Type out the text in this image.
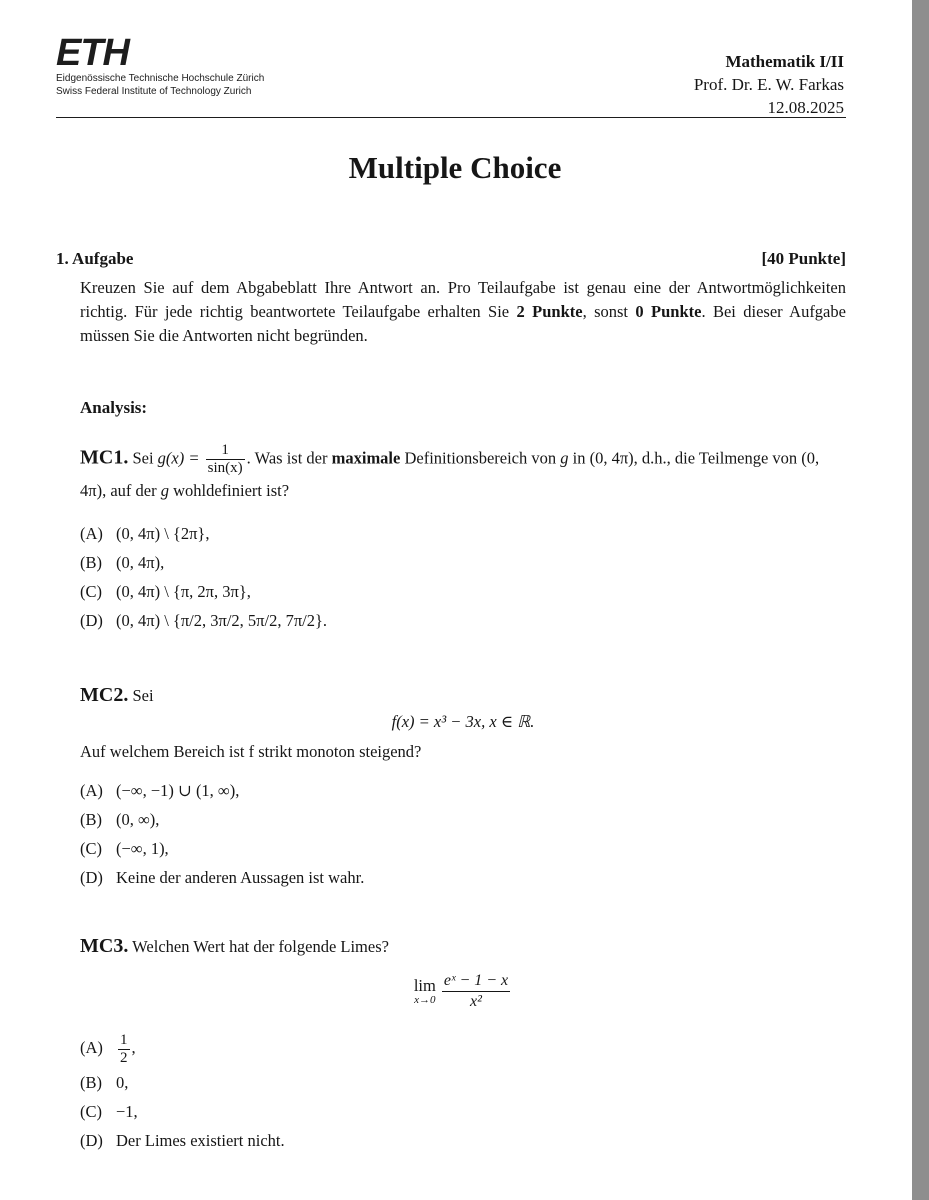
ETH
Eidgenössische Technische Hochschule Zürich
Swiss Federal Institute of Technology Zurich
Mathematik I/II
Prof. Dr. E. W. Farkas
12.08.2025
Multiple Choice
1. Aufgabe	[40 Punkte]
Kreuzen Sie auf dem Abgabeblatt Ihre Antwort an. Pro Teilaufgabe ist genau eine der Antwortmöglichkeiten richtig. Für jede richtig beantwortete Teilaufgabe erhalten Sie 2 Punkte, sonst 0 Punkte. Bei dieser Aufgabe müssen Sie die Antworten nicht begründen.
Analysis:
MC1. Sei $g(x) = \frac{1}{\sin(x)}$ . Was ist der maximale Definitionsbereich von g in (0, 4π), d.h., die Teilmenge von (0, 4π), auf der g wohldefiniert ist?
(A) (0, 4π) \ {2π},
(B) (0, 4π),
(C) (0, 4π) \ {π, 2π, 3π},
(D) (0, 4π) \ {π/2, 3π/2, 5π/2, 7π/2}.
MC2. Sei
f(x) = x³ − 3x, x ∈ ℝ.
Auf welchem Bereich ist f strikt monoton steigend?
(A) (−∞, −1) ∪ (1, ∞),
(B) (0, ∞),
(C) (−∞, 1),
(D) Keine der anderen Aussagen ist wahr.
MC3. Welchen Wert hat der folgende Limes?
lim
$x\to 0 \frac{\text{eˣ − 1 − x}}{\text{x²}}$
$(A) \frac{1}{2}$ ,
(B) 0,
(C) −1,
(D) Der Limes existiert nicht.
